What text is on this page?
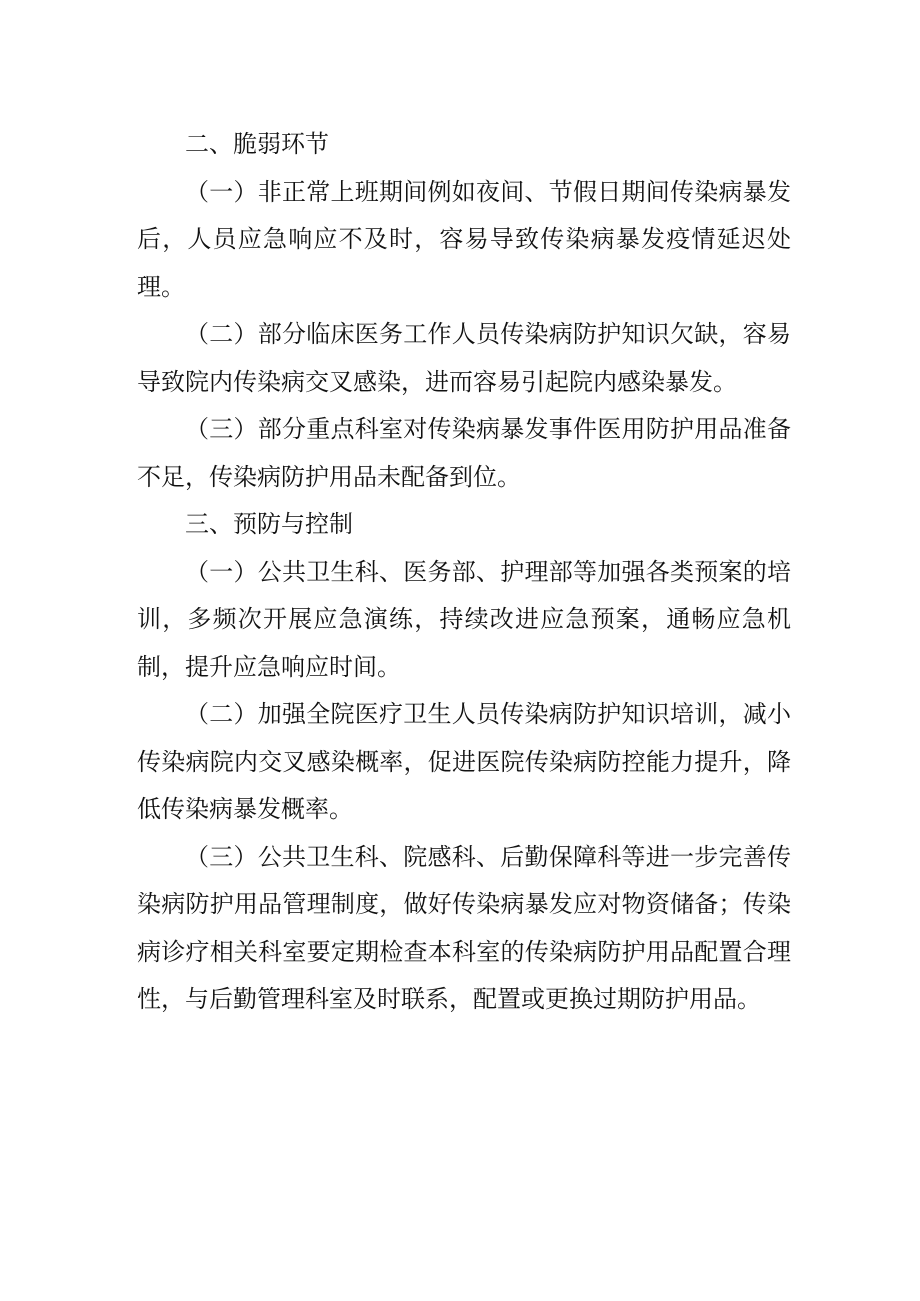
二、脆弱环节

（一）非正常上班期间例如夜间、节假日期间传染病暴发后，人员应急响应不及时，容易导致传染病暴发疫情延迟处理。

（二）部分临床医务工作人员传染病防护知识欠缺，容易导致院内传染病交叉感染，进而容易引起院内感染暴发。

（三）部分重点科室对传染病暴发事件医用防护用品准备不足，传染病防护用品未配备到位。

三、预防与控制

（一）公共卫生科、医务部、护理部等加强各类预案的培训，多频次开展应急演练，持续改进应急预案，通畅应急机制，提升应急响应时间。

（二）加强全院医疗卫生人员传染病防护知识培训，减小传染病院内交叉感染概率，促进医院传染病防控能力提升，降低传染病暴发概率。

（三）公共卫生科、院感科、后勤保障科等进一步完善传染病防护用品管理制度，做好传染病暴发应对物资储备；传染病诊疗相关科室要定期检查本科室的传染病防护用品配置合理性，与后勤管理科室及时联系，配置或更换过期防护用品。
